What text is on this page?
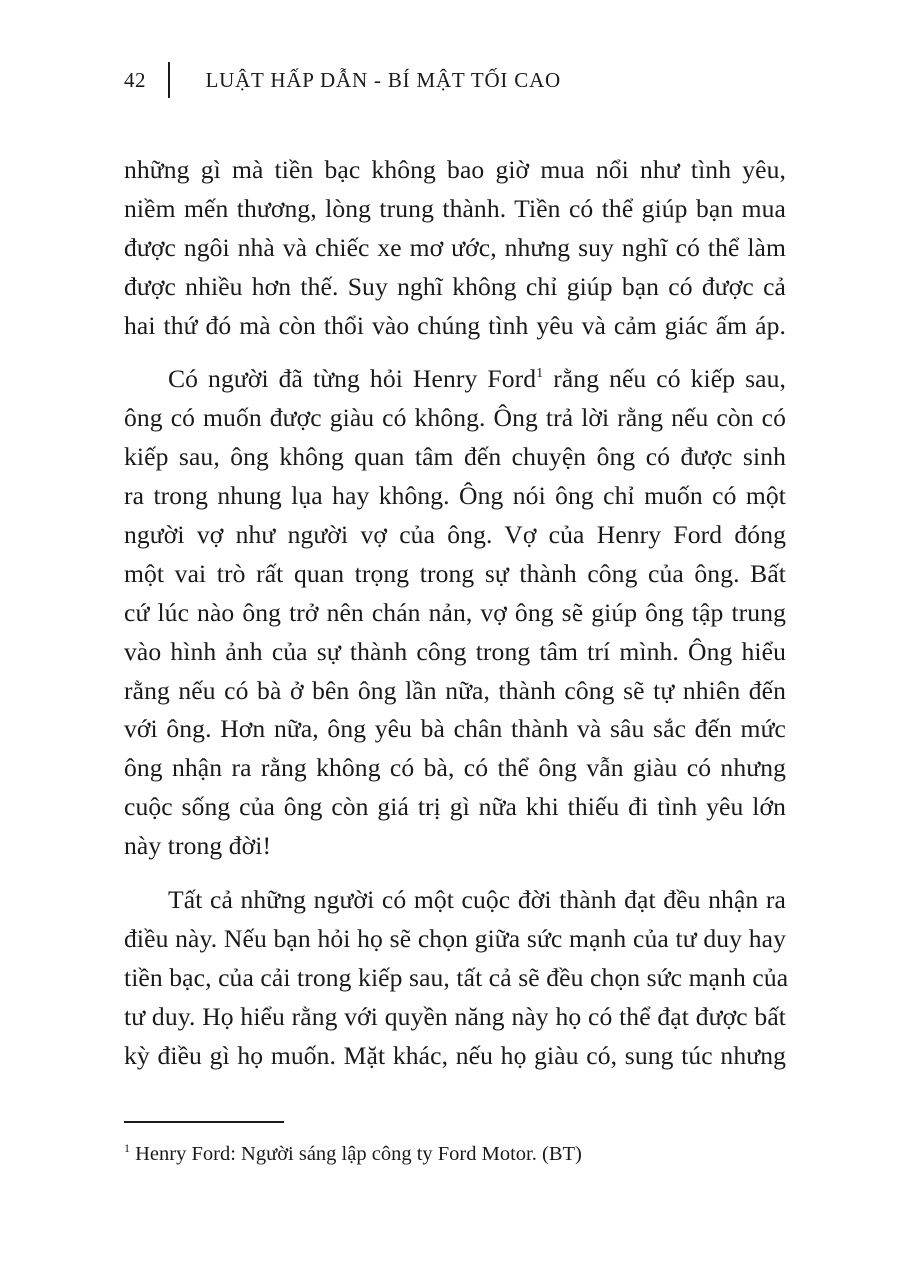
42	LUẬT HẤP DẪN - BÍ MẬT TỐI CAO
những gì mà tiền bạc không bao giờ mua nổi như tình yêu,
niềm mến thương, lòng trung thành. Tiền có thể giúp bạn mua
được ngôi nhà và chiếc xe mơ ước, nhưng suy nghĩ có thể làm
được nhiều hơn thế. Suy nghĩ không chỉ giúp bạn có được cả
hai thứ đó mà còn thổi vào chúng tình yêu và cảm giác ấm áp.
Có người đã từng hỏi Henry Ford$^1$ rằng nếu có kiếp sau,
ông có muốn được giàu có không. Ông trả lời rằng nếu còn có
kiếp sau, ông không quan tâm đến chuyện ông có được sinh
ra trong nhung lụa hay không. Ông nói ông chỉ muốn có một
người vợ như người vợ của ông. Vợ của Henry Ford đóng
một vai trò rất quan trọng trong sự thành công của ông. Bất
cứ lúc nào ông trở nên chán nản, vợ ông sẽ giúp ông tập trung
vào hình ảnh của sự thành công trong tâm trí mình. Ông hiểu
rằng nếu có bà ở bên ông lần nữa, thành công sẽ tự nhiên đến
với ông. Hơn nữa, ông yêu bà chân thành và sâu sắc đến mức
ông nhận ra rằng không có bà, có thể ông vẫn giàu có nhưng
cuộc sống của ông còn giá trị gì nữa khi thiếu đi tình yêu lớn
này trong đời!
Tất cả những người có một cuộc đời thành đạt đều nhận ra
điều này. Nếu bạn hỏi họ sẽ chọn giữa sức mạnh của tư duy hay
tiền bạc, của cải trong kiếp sau, tất cả sẽ đều chọn sức mạnh của
tư duy. Họ hiểu rằng với quyền năng này họ có thể đạt được bất
kỳ điều gì họ muốn. Mặt khác, nếu họ giàu có, sung túc nhưng
$^1$ Henry Ford: Người sáng lập công ty Ford Motor. (BT)
